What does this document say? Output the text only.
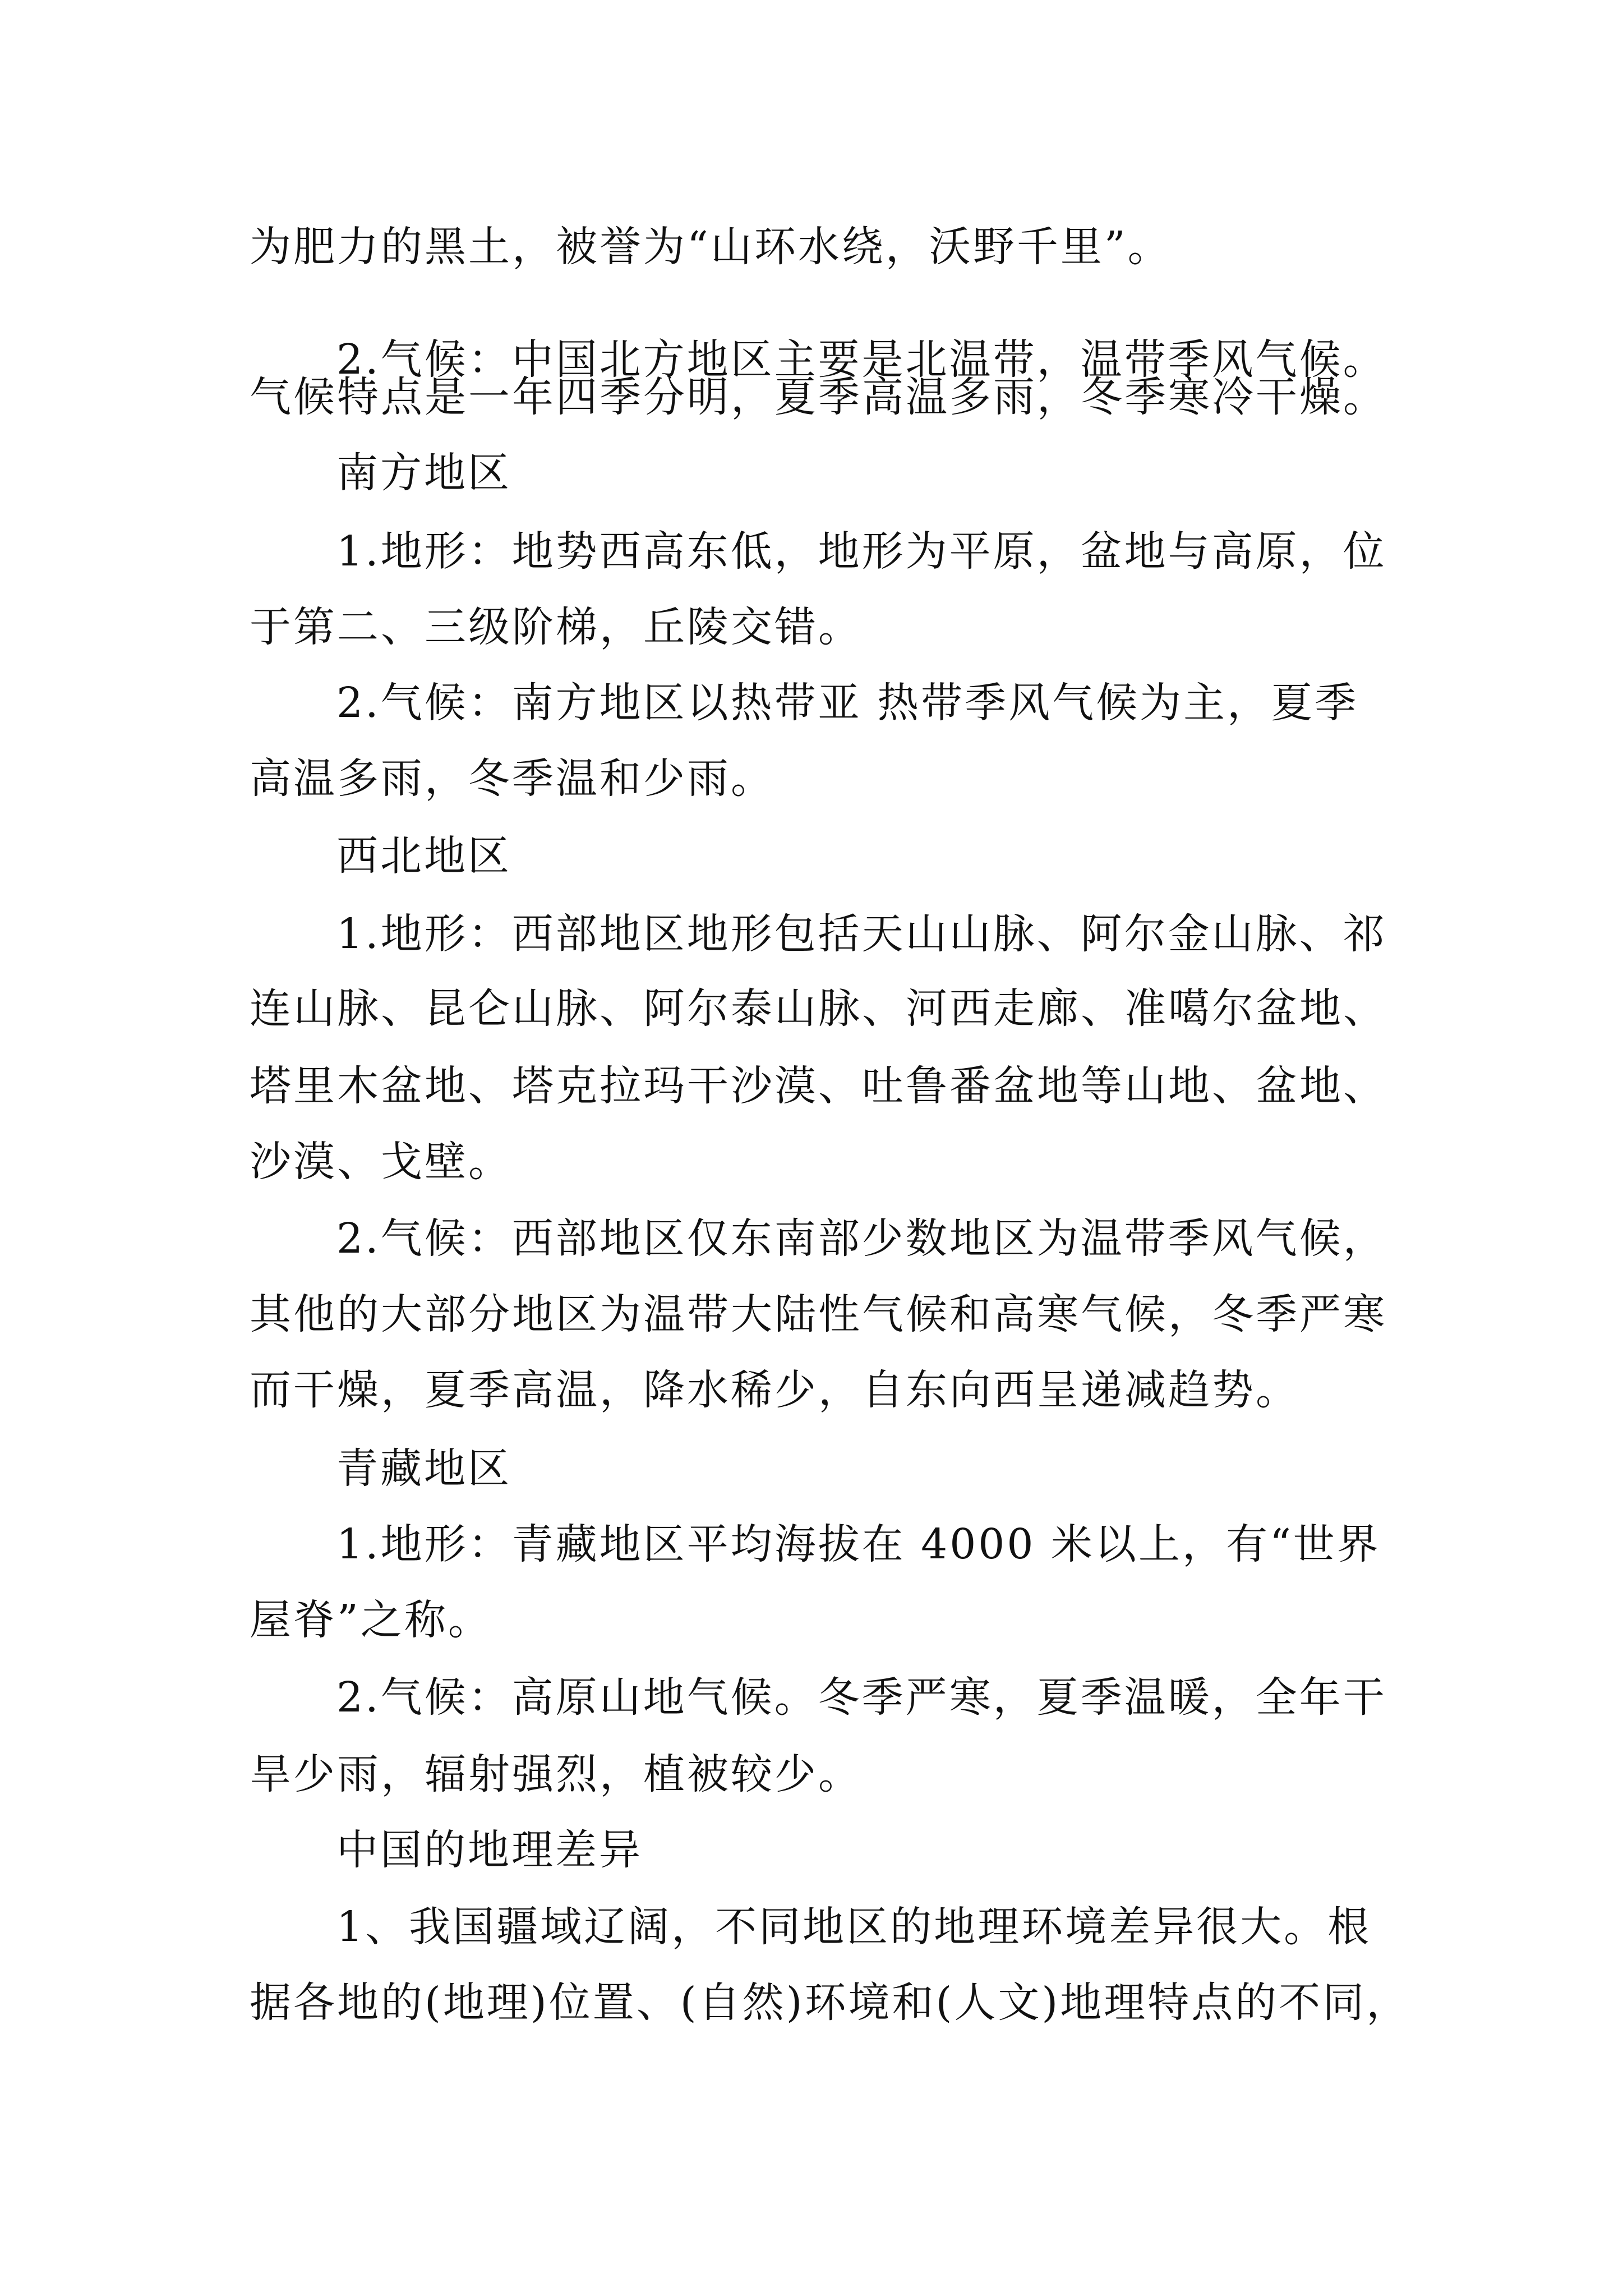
为肥力的黑土，被誉为“山环水绕，沃野千里”。
2.气候：中国北方地区主要是北温带，温带季风气候。
气候特点是一年四季分明，夏季高温多雨，冬季寒冷干燥。
南方地区
1.地形：地势西高东低，地形为平原，盆地与高原，位
于第二、三级阶梯，丘陵交错。
2.气候：南方地区以热带亚 热带季风气候为主，夏季
高温多雨，冬季温和少雨。
西北地区
1.地形：西部地区地形包括天山山脉、阿尔金山脉、祁
连山脉、昆仑山脉、阿尔泰山脉、河西走廊、准噶尔盆地、
塔里木盆地、塔克拉玛干沙漠、吐鲁番盆地等山地、盆地、
沙漠、戈壁。
2.气候：西部地区仅东南部少数地区为温带季风气候，
其他的大部分地区为温带大陆性气候和高寒气候，冬季严寒
而干燥，夏季高温，降水稀少，自东向西呈递减趋势。
青藏地区
1.地形：青藏地区平均海拔在 4000 米以上，有“世界
屋脊”之称。
2.气候：高原山地气候。冬季严寒，夏季温暖，全年干
旱少雨，辐射强烈，植被较少。
中国的地理差异
1、我国疆域辽阔，不同地区的地理环境差异很大。根
据各地的(地理)位置、(自然)环境和(人文)地理特点的不同，
